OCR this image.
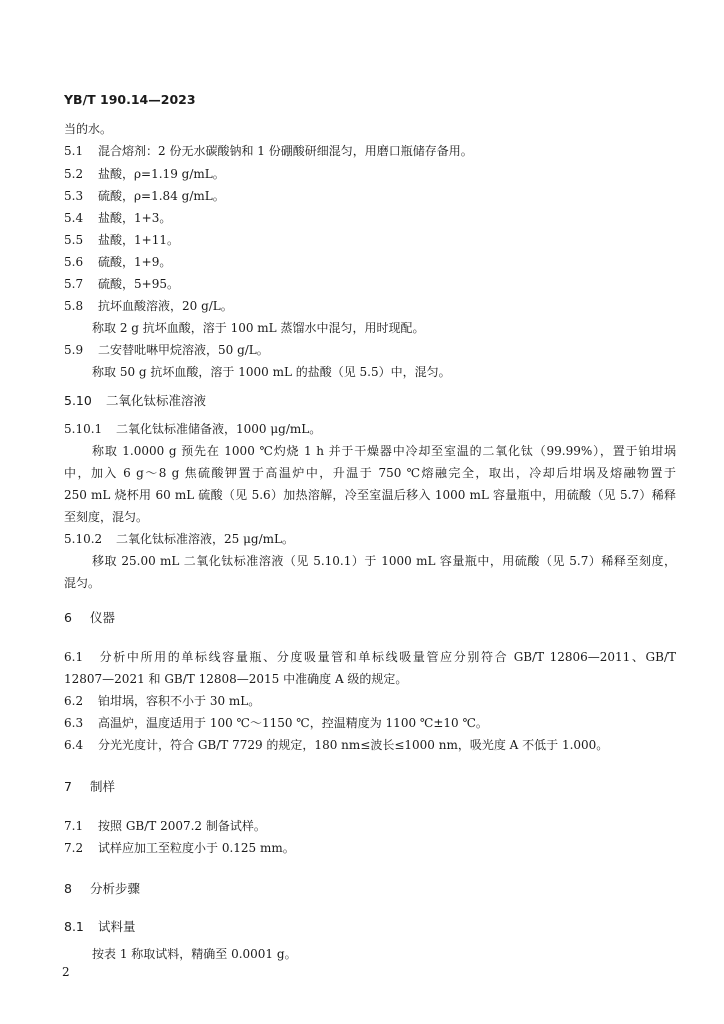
YB/T 190.14—2023
当的水。
5.1 混合熔剂：2 份无水碳酸钠和 1 份硼酸研细混匀，用磨口瓶储存备用。
5.2 盐酸，ρ=1.19 g/mL。
5.3 硫酸，ρ=1.84 g/mL。
5.4 盐酸，1+3。
5.5 盐酸，1+11。
5.6 硫酸，1+9。
5.7 硫酸，5+95。
5.8 抗坏血酸溶液，20 g/L。
称取 2 g 抗坏血酸，溶于 100 mL 蒸馏水中混匀，用时现配。
5.9 二安替吡啉甲烷溶液，50 g/L。
称取 50 g 抗坏血酸，溶于 1000 mL 的盐酸（见 5.5）中，混匀。
5.10 二氧化钛标准溶液
5.10.1 二氧化钛标准储备液，1000 μg/mL。
称取 1.0000 g 预先在 1000 ℃灼烧 1 h 并于干燥器中冷却至室温的二氧化钛（99.99%），置于铂坩埚
中，加入 6 g～8 g 焦硫酸钾置于高温炉中，升温于 750 ℃熔融完全，取出，冷却后坩埚及熔融物置于
250 mL 烧杯用 60 mL 硫酸（见 5.6）加热溶解，冷至室温后移入 1000 mL 容量瓶中，用硫酸（见 5.7）稀释
至刻度，混匀。
5.10.2 二氧化钛标准溶液，25 μg/mL。
移取 25.00 mL 二氧化钛标准溶液（见 5.10.1）于 1000 mL 容量瓶中，用硫酸（见 5.7）稀释至刻度，
混匀。
6 仪器
6.1 分析中所用的单标线容量瓶、分度吸量管和单标线吸量管应分别符合 GB/T 12806—2011、GB/T
12807—2021 和 GB/T 12808—2015 中准确度 A 级的规定。
6.2 铂坩埚，容积不小于 30 mL。
6.3 高温炉，温度适用于 100 ℃～1150 ℃，控温精度为 1100 ℃±10 ℃。
6.4 分光光度计，符合 GB/T 7729 的规定，180 nm≤波长≤1000 nm，吸光度 A 不低于 1.000。
7 制样
7.1 按照 GB/T 2007.2 制备试样。
7.2 试样应加工至粒度小于 0.125 mm。
8 分析步骤
8.1 试料量
按表 1 称取试料，精确至 0.0001 g。
2
